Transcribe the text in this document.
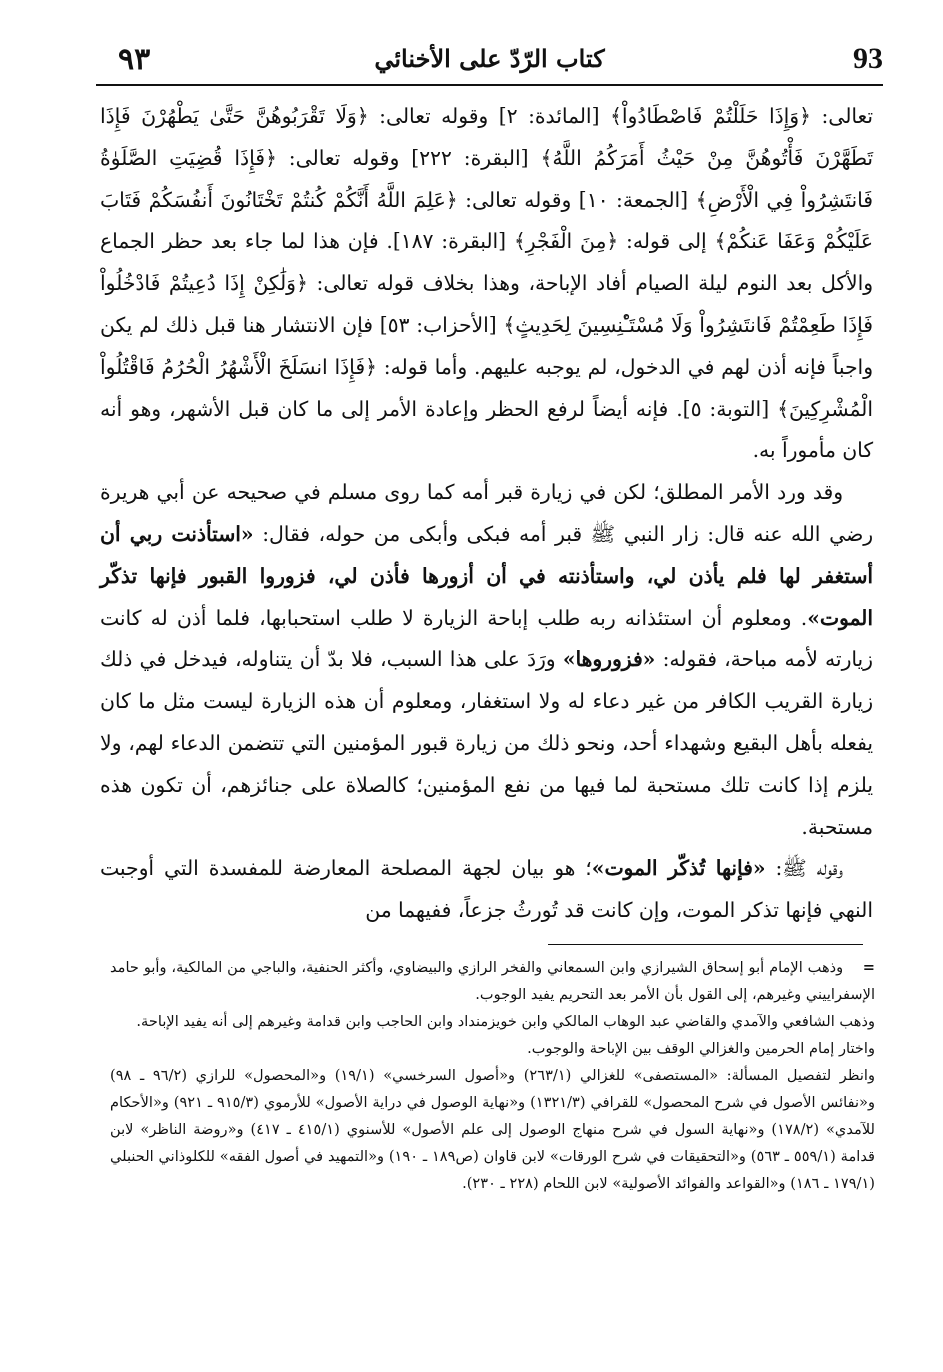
٩٣	كتاب الرّدّ على الأخنائي	93

تعالى: ﴿وَإِذَا حَلَلْتُمْ فَاصْطَادُواْ﴾ [المائدة: ٢] وقوله تعالى: ﴿وَلَا تَقْرَبُوهُنَّ حَتَّىٰ يَطْهُرْنَ فَإِذَا تَطَهَّرْنَ فَأْتُوهُنَّ مِنْ حَيْثُ أَمَرَكُمُ اللَّهُ﴾ [البقرة: ٢٢٢] وقوله تعالى: ﴿فَإِذَا قُضِيَتِ الصَّلَوٰةُ فَانتَشِرُواْ فِي الْأَرْضِ﴾ [الجمعة: ١٠] وقوله تعالى: ﴿عَلِمَ اللَّهُ أَنَّكُمْ كُنتُمْ تَخْتَانُونَ أَنفُسَكُمْ فَتَابَ عَلَيْكُمْ وَعَفَا عَنكُمْ﴾ إلى قوله: ﴿مِنَ الْفَجْرِ﴾ [البقرة: ١٨٧]. فإن هذا لما جاء بعد حظر الجماع والأكل بعد النوم ليلة الصيام أفاد الإباحة، وهذا بخلاف قوله تعالى: ﴿وَلَٰكِنْ إِذَا دُعِيتُمْ فَادْخُلُواْ فَإِذَا طَعِمْتُمْ فَانتَشِرُواْ وَلَا مُسْتَـْٔنِسِينَ لِحَدِيثٍ﴾ [الأحزاب: ٥٣] فإن الانتشار هنا قبل ذلك لم يكن واجباً فإنه أذن لهم في الدخول، لم يوجبه عليهم. وأما قوله: ﴿فَإِذَا انسَلَخَ الْأَشْهُرُ الْحُرُمُ فَاقْتُلُواْ الْمُشْرِكِينَ﴾ [التوبة: ٥]. فإنه أيضاً لرفع الحظر وإعادة الأمر إلى ما كان قبل الأشهر، وهو أنه كان مأموراً به.

وقد ورد الأمر المطلق؛ لكن في زيارة قبر أمه كما روى مسلم في صحيحه عن أبي هريرة رضي الله عنه قال: زار النبي ﷺ قبر أمه فبكى وأبكى من حوله، فقال: «استأذنت ربي أن أستغفر لها فلم يأذن لي، واستأذنته في أن أزورها فأذن لي، فزوروا القبور فإنها تذكّر الموت». ومعلوم أن استئذانه ربه طلب إباحة الزيارة لا طلب استحبابها، فلما أذن له كانت زيارته لأمه مباحة، فقوله: «فزوروها» ورَدَ على هذا السبب، فلا بدّ أن يتناوله، فيدخل في ذلك زيارة القريب الكافر من غير دعاء له ولا استغفار، ومعلوم أن هذه الزيارة ليست مثل ما كان يفعله بأهل البقيع وشهداء أحد، ونحو ذلك من زيارة قبور المؤمنين التي تتضمن الدعاء لهم، ولا يلزم إذا كانت تلك مستحبة لما فيها من نفع المؤمنين؛ كالصلاة على جنائزهم، أن تكون هذه مستحبة.

وقوله ﷺ: «فإنها تُذكّر الموت»؛ هو بيان لجهة المصلحة المعارضة للمفسدة التي أوجبت النهي فإنها تذكر الموت، وإن كانت قد تُورثُ جزعاً، ففيهما من

=    وذهب الإمام أبو إسحاق الشيرازي وابن السمعاني والفخر الرازي والبيضاوي، وأكثر الحنفية، والباجي من المالكية، وأبو حامد الإسفراييني وغيرهم، إلى القول بأن الأمر بعد التحريم يفيد الوجوب.

وذهب الشافعي والآمدي والقاضي عبد الوهاب المالكي وابن خويزمنداد وابن الحاجب وابن قدامة وغيرهم إلى أنه يفيد الإباحة.

واختار إمام الحرمين والغزالي الوقف بين الإباحة والوجوب.

وانظر لتفصيل المسألة: «المستصفى» للغزالي (٢٦٣/١) و«أصول السرخسي» (١٩/١) و«المحصول» للرازي (٩٦/٢ ـ ٩٨) و«نفائس الأصول في شرح المحصول» للقرافي (١٣٢١/٣) و«نهاية الوصول في دراية الأصول» للأرموي (٩١٥/٣ ـ ٩٢١) و«الأحكام للآمدي» (١٧٨/٢) و«نهاية السول في شرح منهاج الوصول إلى علم الأصول» للأسنوي (٤١٥/١ ـ ٤١٧) و«روضة الناظر» لابن قدامة (٥٥٩/١ ـ ٥٦٣) و«التحقيقات في شرح الورقات» لابن قاوان (ص١٨٩ ـ ١٩٠) و«التمهيد في أصول الفقه» للكلوذاني الحنبلي (١٧٩/١ ـ ١٨٦) و«القواعد والفوائد الأصولية» لابن اللحام (٢٢٨ ـ ٢٣٠).
